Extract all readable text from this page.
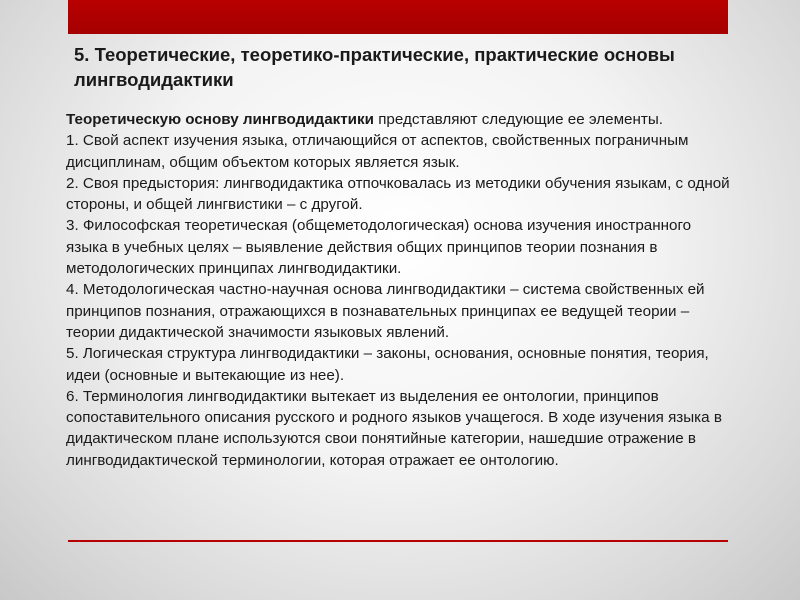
5. Теоретические, теоретико-практические, практические основы лингводидактики

Теоретическую основу лингводидактики представляют следующие ее элементы.

1. Свой аспект изучения языка, отличающийся от аспектов, свойственных пограничным дисциплинам, общим объектом которых является язык.

2. Своя предыстория: лингводидактика отпочковалась из методики обучения языкам, с одной стороны, и общей лингвистики – с другой.

3. Философская теоретическая (общеметодологическая) основа изучения иностранного языка в учебных целях – выявление действия общих принципов теории познания в методологических принципах лингводидактики.

4. Методологическая частно-научная основа лингводидактики – система свойственных ей принципов познания, отражающихся в познавательных принципах ее ведущей теории – теории дидактической значимости языковых явлений.

5. Логическая структура лингводидактики – законы, основания, основные понятия, теория, идеи (основные и вытекающие из нее).

6. Терминология лингводидактики вытекает из выделения ее онтологии, принципов сопоставительного описания русского и родного языков учащегося. В ходе изучения языка в дидактическом плане используются свои понятийные категории, нашедшие отражение в лингводидактической терминологии, которая отражает ее онтологию.
